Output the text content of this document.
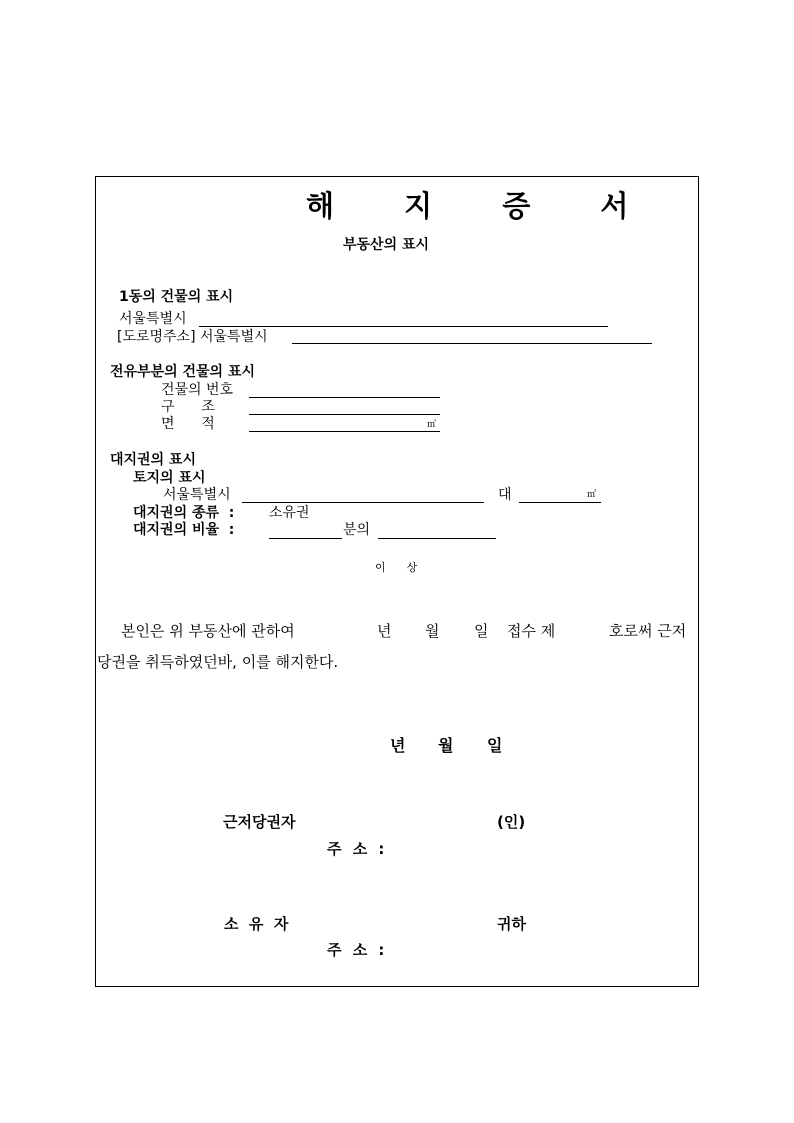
해 지 증 서
부동산의 표시
1동의 건물의 표시
서울특별시
[도로명주소] 서울특별시
전유부분의 건물의 표시
건물의 번호
구      조
면      적	㎡
대지권의 표시
토지의 표시
서울특별시	대	㎡
대지권의 종류  : 소유권
대지권의 비율  :	분의
이      상
본인은 위 부동산에 관하여	년 월 일 접수 제	호로써 근저
당권을 취득하였던바, 이를 해지한다.
년 월 일
근저당권자	(인)
주 소 :
소  유  자	귀하
주 소 :
